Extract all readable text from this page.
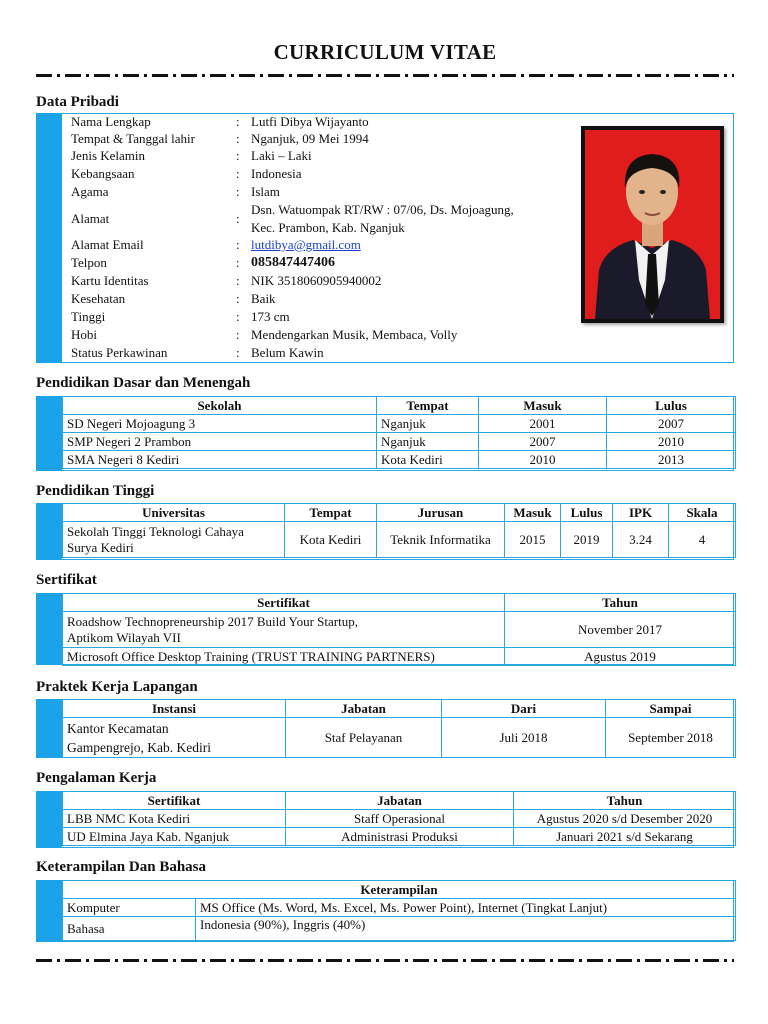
CURRICULUM VITAE
Data Pribadi
Nama Lengkap	: Lutfi Dibya Wijayanto
Tempat & Tanggal lahir	: Nganjuk, 09 Mei 1994
Jenis Kelamin	: Laki – Laki
Kebangsaan	: Indonesia
Agama	: Islam
Alamat	:
Dsn. Watuompak RT/RW : 07/06, Ds. Mojoagung,
Kec. Prambon, Kab. Nganjuk
Alamat Email	: lutdibya@gmail.com
Telpon	: 085847447406
Kartu Identitas	: NIK 3518060905940002
Kesehatan	: Baik
Tinggi	: 173 cm
Hobi	: Mendengarkan Musik, Membaca, Volly
Status Perkawinan	: Belum Kawin
Pendidikan Dasar dan Menengah
Sekolah	Tempat	Masuk	Lulus
SD Negeri Mojoagung 3	Nganjuk	2001	2007
SMP Negeri 2 Prambon	Nganjuk	2007	2010
SMA Negeri 8 Kediri	Kota Kediri	2010	2013
Pendidikan Tinggi
Universitas	Tempat	Jurusan	Masuk	Lulus	IPK	Skala

Sekolah Tinggi Teknologi Cahaya
Surya Kediri	Kota Kediri	Teknik Informatika	2015	2019	3.24	4
Sertifikat
Sertifikat	Tahun

Roadshow Technopreneurship 2017 Build Your Startup,
Aptikom Wilayah VII	November 2017
Microsoft Office Desktop Training (TRUST TRAINING PARTNERS)	Agustus 2019
Praktek Kerja Lapangan
Instansi	Jabatan	Dari	Sampai

Kantor Kecamatan
Gampengrejo, Kab. Kediri	Staf Pelayanan	Juli 2018	September 2018
Pengalaman Kerja
Sertifikat	Jabatan	Tahun
LBB NMC Kota Kediri	Staff Operasional	Agustus 2020 s/d Desember 2020
UD Elmina Jaya Kab. Nganjuk	Administrasi Produksi	Januari 2021 s/d Sekarang
Keterampilan Dan Bahasa
Keterampilan	
Komputer	MS Office (Ms. Word, Ms. Excel, Ms. Power Point), Internet (Tingkat Lanjut)
Bahasa	Indonesia (90%), Inggris (40%)
